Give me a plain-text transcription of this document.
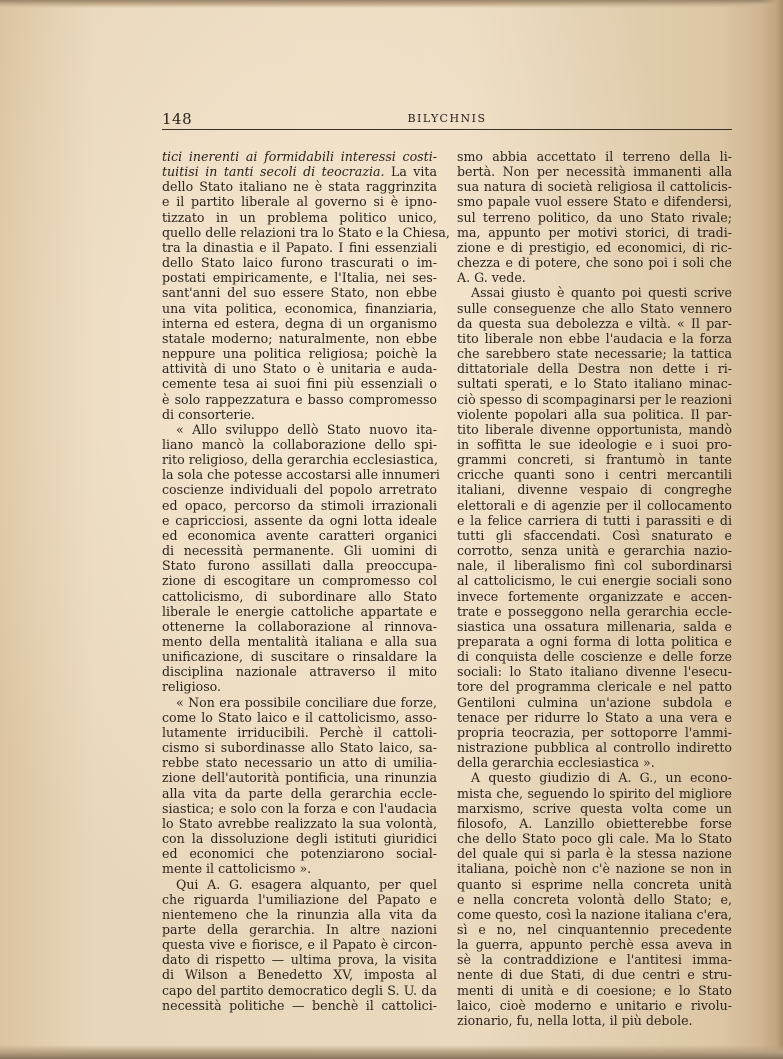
148	BILYCHNIS
tici inerenti ai formidabili interessi costi-
tuitisi in tanti secoli di teocrazia. La vita
dello Stato italiano ne è stata raggrinzita
e il partito liberale al governo si è ipno-
tizzato in un problema politico unico,
quello delle relazioni tra lo Stato e la Chiesa,
tra la dinastia e il Papato. I fini essenziali
dello Stato laico furono trascurati o im-
postati empiricamente, e l'Italia, nei ses-
sant'anni del suo essere Stato, non ebbe
una vita politica, economica, finanziaria,
interna ed estera, degna di un organismo
statale moderno; naturalmente, non ebbe
neppure una politica religiosa; poichè la
attività di uno Stato o è unitaria e auda-
cemente tesa ai suoi fini più essenziali o
è solo rappezzatura e basso compromesso
di consorterie.
« Allo sviluppo dellò Stato nuovo ita-
liano mancò la collaborazione dello spi-
rito religioso, della gerarchia ecclesiastica,
la sola che potesse accostarsi alle innumeri
coscienze individuali del popolo arretrato
ed opaco, percorso da stimoli irrazionali
e capricciosi, assente da ogni lotta ideale
ed economica avente caratteri organici
di necessità permanente. Gli uomini di
Stato furono assillati dalla preoccupa-
zione di escogitare un compromesso col
cattolicismo, di subordinare allo Stato
liberale le energie cattoliche appartate e
ottenerne la collaborazione al rinnova-
mento della mentalità italiana e alla sua
unificazione, di suscitare o rinsaldare la
disciplina nazionale attraverso il mito
religioso.
« Non era possibile conciliare due forze,
come lo Stato laico e il cattolicismo, asso-
lutamente irriducibili. Perchè il cattoli-
cismo si subordinasse allo Stato laico, sa-
rebbe stato necessario un atto di umilia-
zione dell'autorità pontificia, una rinunzia
alla vita da parte della gerarchia eccle-
siastica; e solo con la forza e con l'audacia
lo Stato avrebbe realizzato la sua volontà,
con la dissoluzione degli istituti giuridici
ed economici che potenziarono social-
mente il cattolicismo ».
Qui A. G. esagera alquanto, per quel
che riguarda l'umiliazione del Papato e
nientemeno che la rinunzia alla vita da
parte della gerarchia. In altre nazioni
questa vive e fiorisce, e il Papato è circon-
dato di rispetto — ultima prova, la visita
di Wilson a Benedetto XV, imposta al
capo del partito democratico degli S. U. da
necessità politiche — benchè il cattolici-
smo abbia accettato il terreno della li-
bertà. Non per necessità immanenti alla
sua natura di società religiosa il cattolicis-
smo papale vuol essere Stato e difendersi,
sul terreno politico, da uno Stato rivale;
ma, appunto per motivi storici, di tradi-
zione e di prestigio, ed economici, di ric-
chezza e di potere, che sono poi i soli che
A. G. vede.
Assai giusto è quanto poi questi scrive
sulle conseguenze che allo Stato vennero
da questa sua debolezza e viltà. « Il par-
tito liberale non ebbe l'audacia e la forza
che sarebbero state necessarie; la tattica
dittatoriale della Destra non dette i ri-
sultati sperati, e lo Stato italiano minac-
ciò spesso di scompaginarsi per le reazioni
violente popolari alla sua politica. Il par-
tito liberale divenne opportunista, mandò
in soffitta le sue ideologie e i suoi pro-
grammi concreti, si frantumò in tante
cricche quanti sono i centri mercantili
italiani, divenne vespaio di congreghe
elettorali e di agenzie per il collocamento
e la felice carriera di tutti i parassiti e di
tutti gli sfaccendati. Così snaturato e
corrotto, senza unità e gerarchia nazio-
nale, il liberalismo finì col subordinarsi
al cattolicismo, le cui energie sociali sono
invece fortemente organizzate e accen-
trate e posseggono nella gerarchia eccle-
siastica una ossatura millenaria, salda e
preparata a ogni forma di lotta politica e
di conquista delle coscienze e delle forze
sociali: lo Stato italiano divenne l'esecu-
tore del programma clericale e nel patto
Gentiloni culmina un'azione subdola e
tenace per ridurre lo Stato a una vera e
propria teocrazia, per sottoporre l'ammi-
nistrazione pubblica al controllo indiretto
della gerarchia ecclesiastica ».
A questo giudizio di A. G., un econo-
mista che, seguendo lo spirito del migliore
marxismo, scrive questa volta come un
filosofo, A. Lanzillo obietterebbe forse
che dello Stato poco gli cale. Ma lo Stato
del quale qui si parla è la stessa nazione
italiana, poichè non c'è nazione se non in
quanto si esprime nella concreta unità
e nella concreta volontà dello Stato; e,
come questo, così la nazione italiana c'era,
sì e no, nel cinquantennio precedente
la guerra, appunto perchè essa aveva in
sè la contraddizione e l'antitesi imma-
nente di due Stati, di due centri e stru-
menti di unità e di coesione; e lo Stato
laico, cioè moderno e unitario e rivolu-
zionario, fu, nella lotta, il più debole.
